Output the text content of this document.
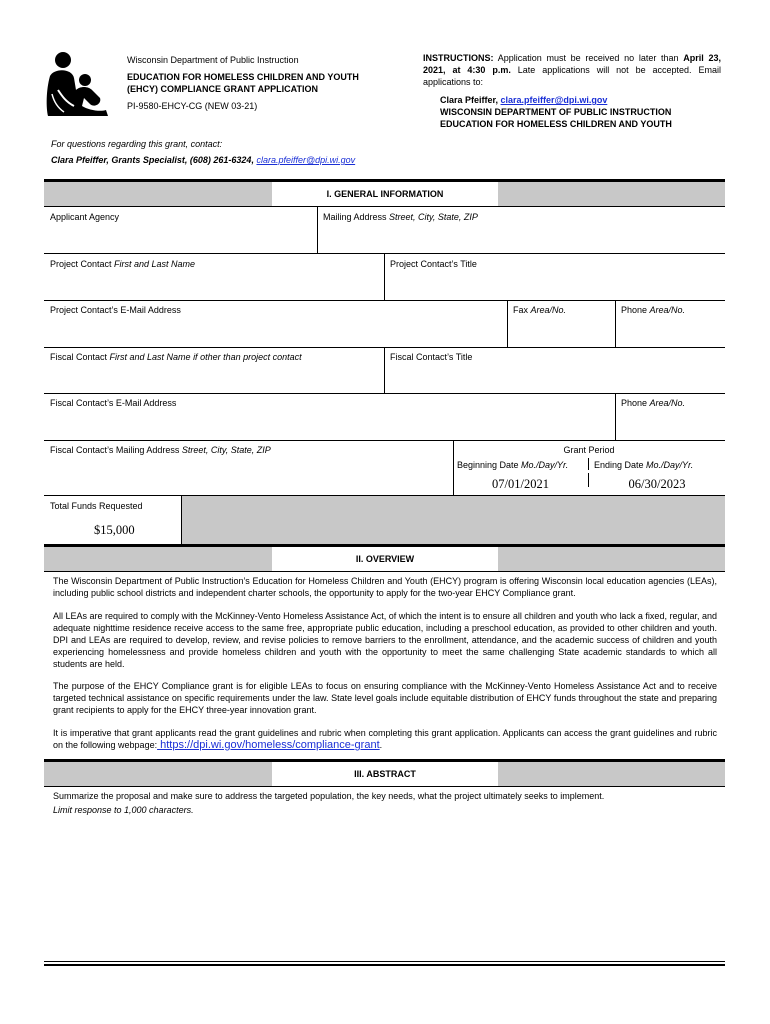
Wisconsin Department of Public Instruction
EDUCATION FOR HOMELESS CHILDREN AND YOUTH
(EHCY) COMPLIANCE GRANT APPLICATION
PI-9580-EHCY-CG (NEW 03-21)
INSTRUCTIONS: Application must be received no later than April 23, 2021, at 4:30 p.m. Late applications will not be accepted. Email applications to:
Clara Pfeiffer, clara.pfeiffer@dpi.wi.gov
WISCONSIN DEPARTMENT OF PUBLIC INSTRUCTION
EDUCATION FOR HOMELESS CHILDREN AND YOUTH
For questions regarding this grant, contact:
Clara Pfeiffer, Grants Specialist, (608) 261-6324, clara.pfeiffer@dpi.wi.gov
I. GENERAL INFORMATION
Applicant Agency	Mailing Address Street, City, State, ZIP
Project Contact First and Last Name	Project Contact’s Title
Project Contact’s E-Mail Address	Fax Area/No.	Phone Area/No.
Fiscal Contact First and Last Name if other than project contact	Fiscal Contact’s Title
Fiscal Contact’s E-Mail Address	Phone Area/No.
Fiscal Contact’s Mailing Address Street, City, State, ZIP	Grant Period
Beginning Date Mo./Day/Yr.	Ending Date Mo./Day/Yr.
07/01/2021	06/30/2023
Total Funds Requested
$15,000
II. OVERVIEW
The Wisconsin Department of Public Instruction’s Education for Homeless Children and Youth (EHCY) program is offering Wisconsin local education agencies (LEAs), including public school districts and independent charter schools, the opportunity to apply for the two-year EHCY Compliance grant.
All LEAs are required to comply with the McKinney-Vento Homeless Assistance Act, of which the intent is to ensure all children and youth who lack a fixed, regular, and adequate nighttime residence receive access to the same free, appropriate public education, including a preschool education, as provided to other children and youth. DPI and LEAs are required to develop, review, and revise policies to remove barriers to the enrollment, attendance, and the academic success of children and youth experiencing homelessness and provide homeless children and youth with the opportunity to meet the same challenging State academic standards to which all students are held.
The purpose of the EHCY Compliance grant is for eligible LEAs to focus on ensuring compliance with the McKinney-Vento Homeless Assistance Act and to receive targeted technical assistance on specific requirements under the law. State level goals include equitable distribution of EHCY funds throughout the state and preparing grant recipients to apply for the EHCY three-year innovation grant.
It is imperative that grant applicants read the grant guidelines and rubric when completing this grant application. Applicants can access the grant guidelines and rubric on the following webpage: https://dpi.wi.gov/homeless/compliance-grant.
III. ABSTRACT
Summarize the proposal and make sure to address the targeted population, the key needs, what the project ultimately seeks to implement.
Limit response to 1,000 characters.
